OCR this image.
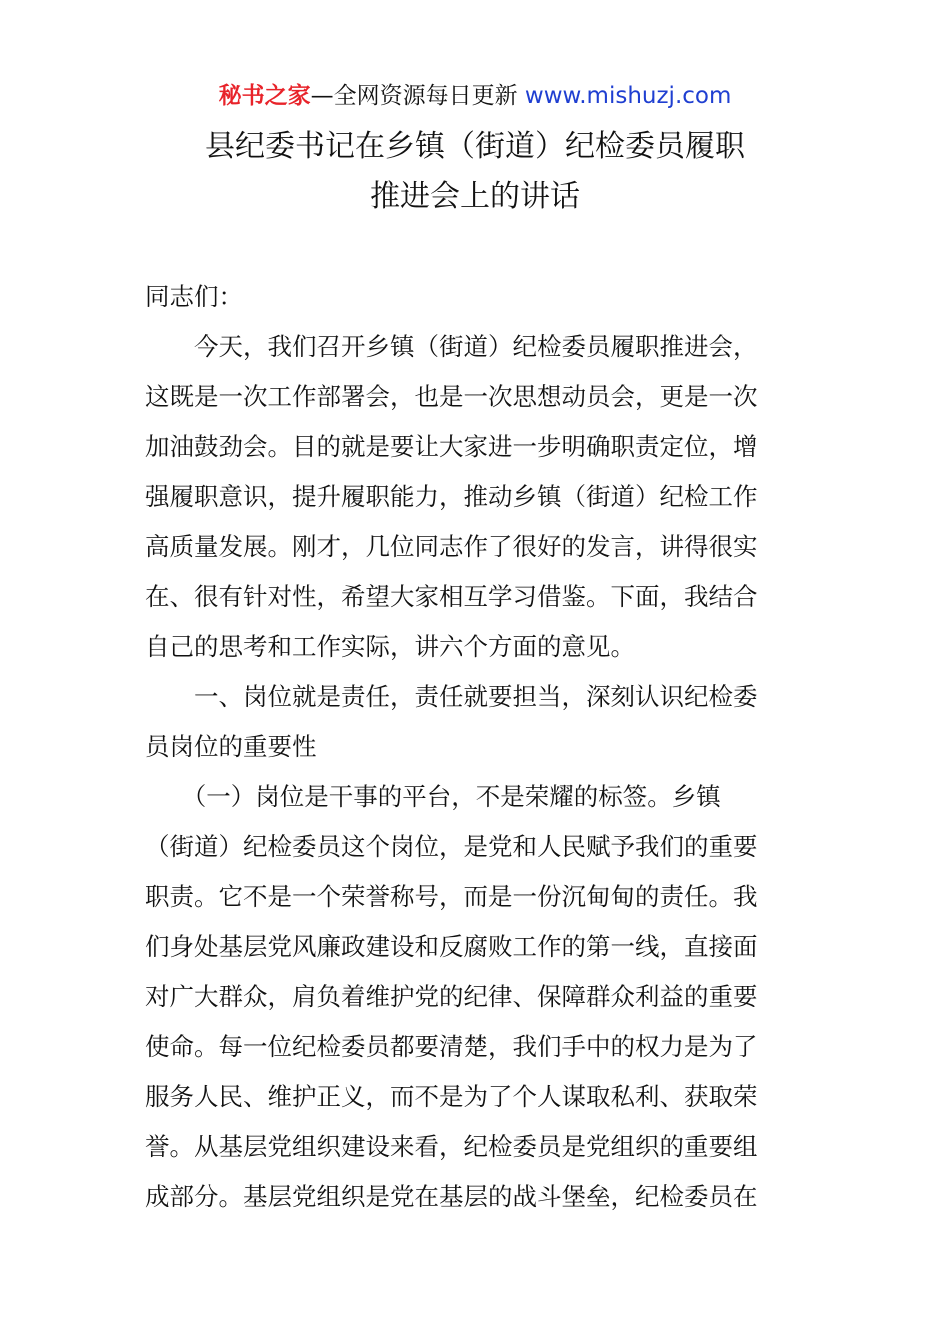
秘书之家—全网资源每日更新 www.mishuzj.com
县纪委书记在乡镇（街道）纪检委员履职
推进会上的讲话
同志们：
　　今天，我们召开乡镇（街道）纪检委员履职推进会，
这既是一次工作部署会，也是一次思想动员会，更是一次
加油鼓劲会。目的就是要让大家进一步明确职责定位，增
强履职意识，提升履职能力，推动乡镇（街道）纪检工作
高质量发展。刚才，几位同志作了很好的发言，讲得很实
在、很有针对性，希望大家相互学习借鉴。下面，我结合
自己的思考和工作实际，讲六个方面的意见。
　　一、岗位就是责任，责任就要担当，深刻认识纪检委
员岗位的重要性
　　（一）岗位是干事的平台，不是荣耀的标签。乡镇
（街道）纪检委员这个岗位，是党和人民赋予我们的重要
职责。它不是一个荣誉称号，而是一份沉甸甸的责任。我
们身处基层党风廉政建设和反腐败工作的第一线，直接面
对广大群众，肩负着维护党的纪律、保障群众利益的重要
使命。每一位纪检委员都要清楚，我们手中的权力是为了
服务人民、维护正义，而不是为了个人谋取私利、获取荣
誉。从基层党组织建设来看，纪检委员是党组织的重要组
成部分。基层党组织是党在基层的战斗堡垒，纪检委员在
